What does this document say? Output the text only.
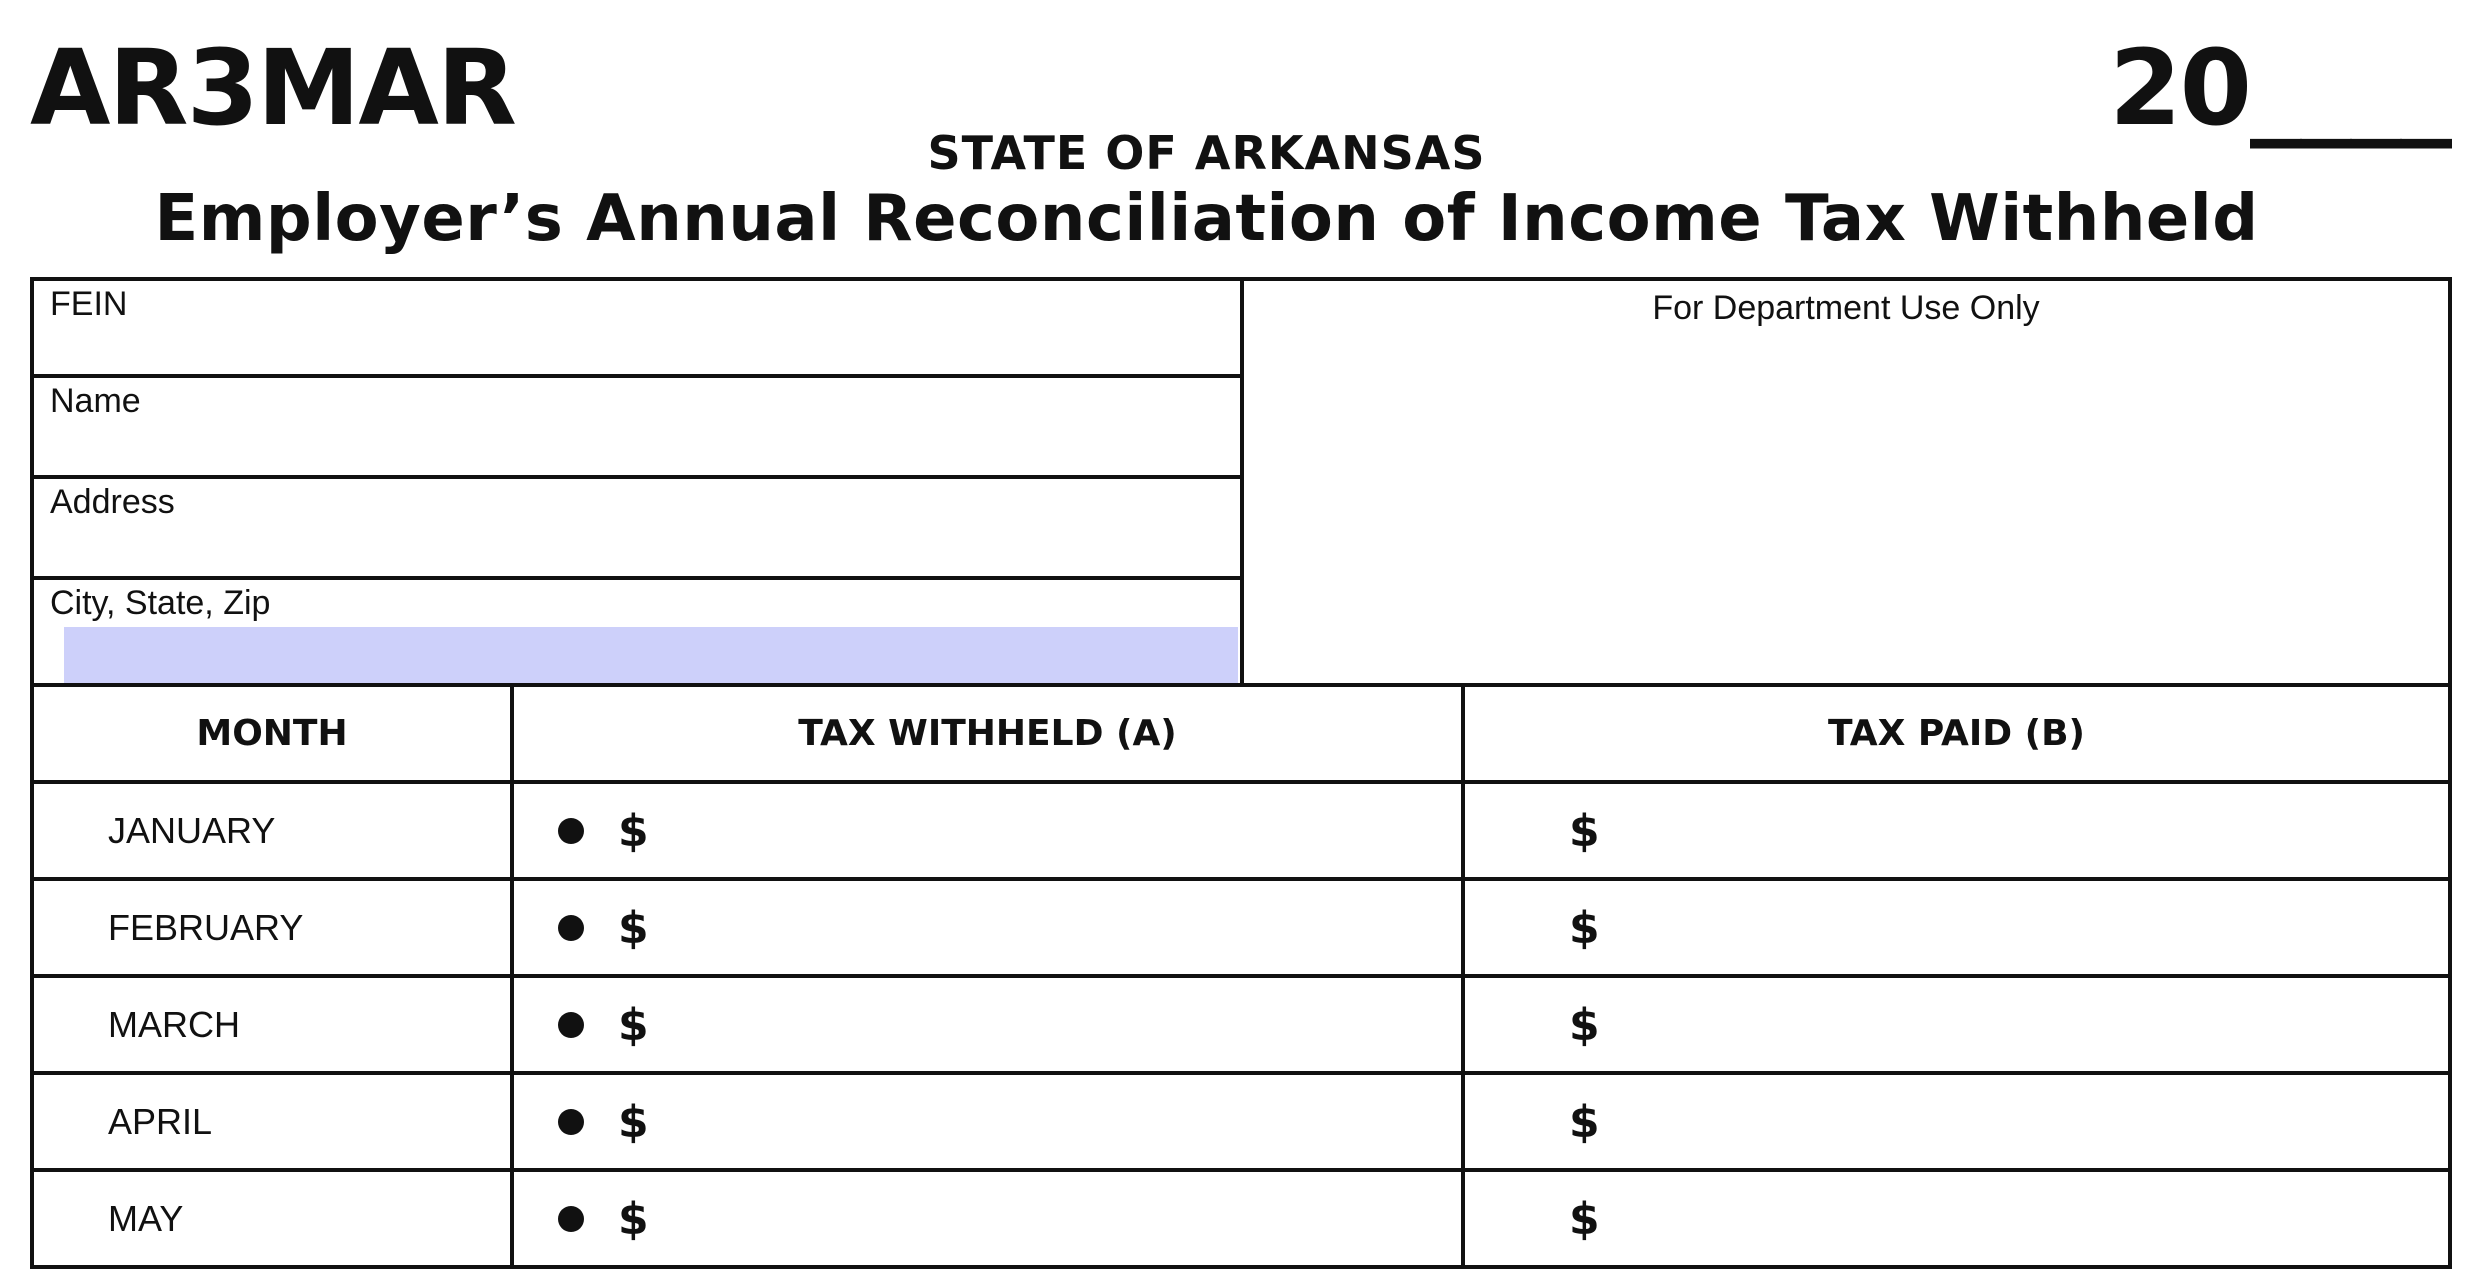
AR3MAR	20____
STATE OF ARKANSAS
Employer’s Annual Reconciliation of Income Tax Withheld
FEIN
Name
Address
City, State, Zip
For Department Use Only
MONTH	TAX WITHHELD (A)	TAX PAID (B)
JANUARY	$	$

FEBRUARY	$	$

MARCH	$	$

APRIL	$	$

MAY	$	$
